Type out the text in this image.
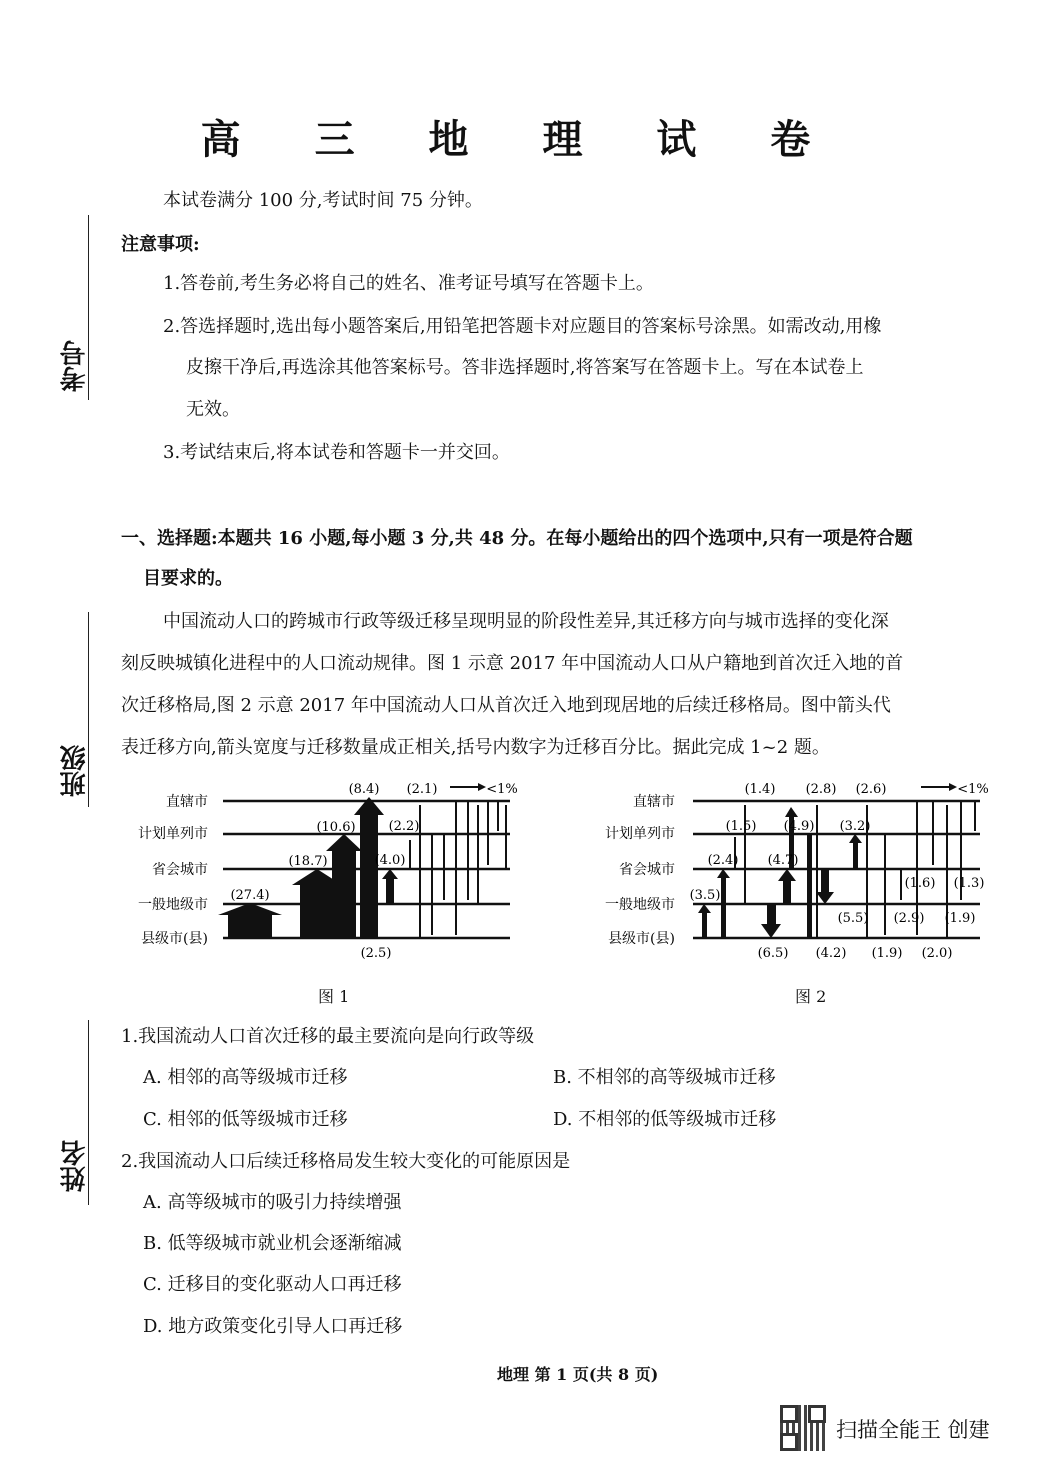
高 三 地 理 试 卷
本试卷满分 100 分,考试时间 75 分钟。
注意事项:
1.答卷前,考生务必将自己的姓名、准考证号填写在答题卡上。
2.答选择题时,选出每小题答案后,用铅笔把答题卡对应题目的答案标号涂黑。如需改动,用橡
皮擦干净后,再选涂其他答案标号。答非选择题时,将答案写在答题卡上。写在本试卷上
无效。
3.考试结束后,将本试卷和答题卡一并交回。
一、选择题:本题共 16 小题,每小题 3 分,共 48 分。在每小题给出的四个选项中,只有一项是符合题
目要求的。
中国流动人口的跨城市行政等级迁移呈现明显的阶段性差异,其迁移方向与城市选择的变化深
刻反映城镇化进程中的人口流动规律。图 1 示意 2017 年中国流动人口从户籍地到首次迁入地的首
次迁移格局,图 2 示意 2017 年中国流动人口从首次迁入地到现居地的后续迁移格局。图中箭头代
表迁移方向,箭头宽度与迁移数量成正相关,括号内数字为迁移百分比。据此完成 1~2 题。
考号
班级
姓名
直辖市
计划单列市
省会城市
一般地级市
县级市(县)
(27.4)
(18.7)
(10.6)
(8.4)
(4.0)
(2.2)
(2.1)
(2.5)
<1%
图 1
直辖市
计划单列市
省会城市
一般地级市
县级市(县)
(1.4) (2.8) (2.6)
(1.5) (4.9) (3.2)
(2.4) (4.7)
(3.5)
(1.6) (1.3)
(5.5) (2.9) (1.9)
(6.5) (4.2) (1.9) (2.0)
<1%
图 2
1.我国流动人口首次迁移的最主要流向是向行政等级
A. 相邻的高等级城市迁移	B. 不相邻的高等级城市迁移
C. 相邻的低等级城市迁移	D. 不相邻的低等级城市迁移
2.我国流动人口后续迁移格局发生较大变化的可能原因是
A. 高等级城市的吸引力持续增强
B. 低等级城市就业机会逐渐缩减
C. 迁移目的变化驱动人口再迁移
D. 地方政策变化引导人口再迁移
地理 第 1 页(共 8 页)
扫描全能王 创建
